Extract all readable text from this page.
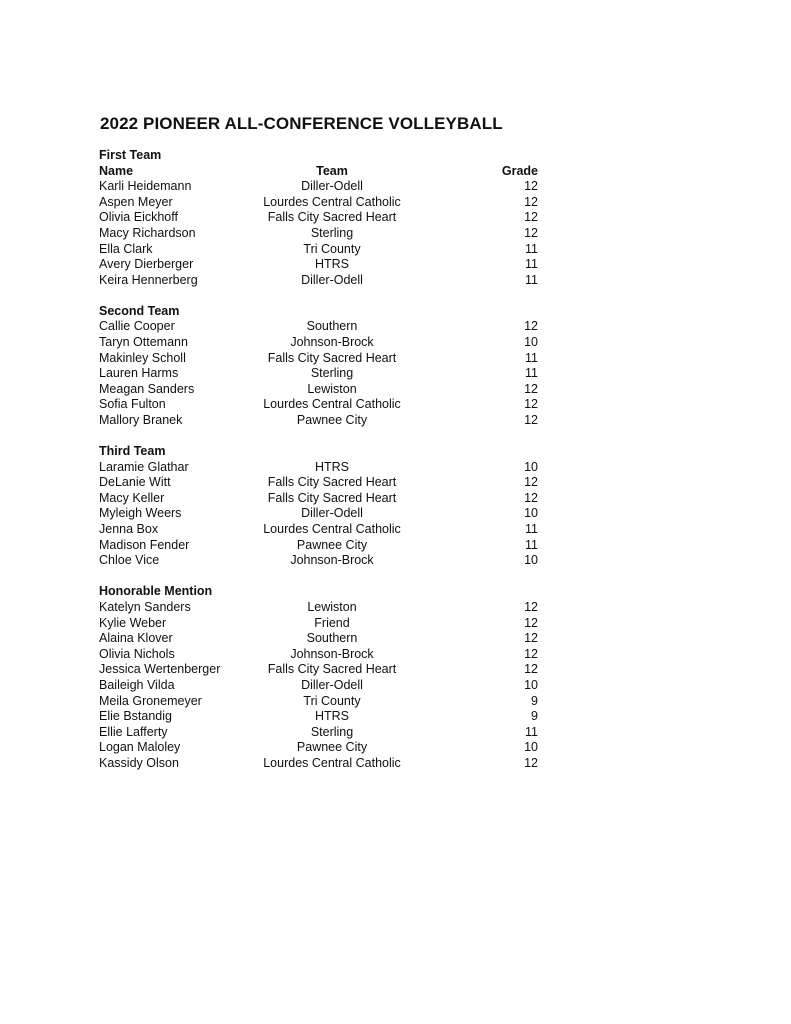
2022 PIONEER ALL-CONFERENCE VOLLEYBALL
First Team
Name	Team	Grade
Karli Heidemann	Diller-Odell	12
Aspen Meyer	Lourdes Central Catholic	12
Olivia Eickhoff	Falls City Sacred Heart	12
Macy Richardson	Sterling	12
Ella Clark	Tri County	11
Avery Dierberger	HTRS	11
Keira Hennerberg	Diller-Odell	11
Second Team
Callie Cooper	Southern	12
Taryn Ottemann	Johnson-Brock	10
Makinley Scholl	Falls City Sacred Heart	11
Lauren Harms	Sterling	11
Meagan Sanders	Lewiston	12
Sofia Fulton	Lourdes Central Catholic	12
Mallory Branek	Pawnee City	12
Third Team
Laramie Glathar	HTRS	10
DeLanie Witt	Falls City Sacred Heart	12
Macy Keller	Falls City Sacred Heart	12
Myleigh Weers	Diller-Odell	10
Jenna Box	Lourdes Central Catholic	11
Madison Fender	Pawnee City	11
Chloe Vice	Johnson-Brock	10
Honorable Mention
Katelyn Sanders	Lewiston	12
Kylie Weber	Friend	12
Alaina Klover	Southern	12
Olivia Nichols	Johnson-Brock	12
Jessica Wertenberger	Falls City Sacred Heart	12
Baileigh Vilda	Diller-Odell	10
Meila Gronemeyer	Tri County	9
Elie Bstandig	HTRS	9
Ellie Lafferty	Sterling	11
Logan Maloley	Pawnee City	10
Kassidy Olson	Lourdes Central Catholic	12
